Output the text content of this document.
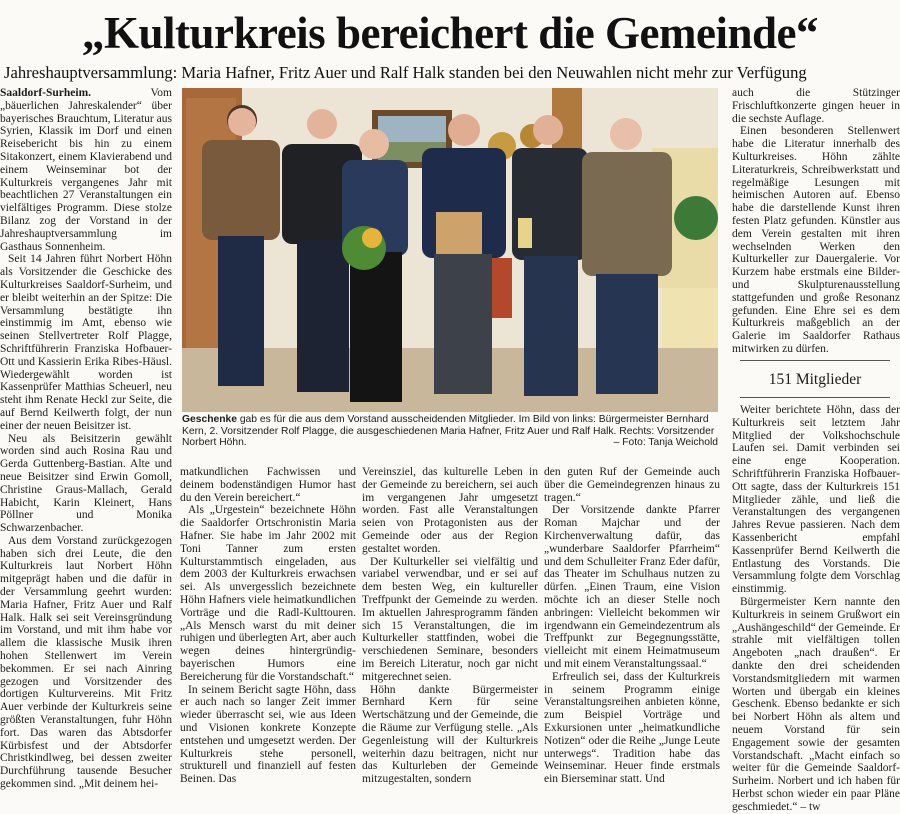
„Kulturkreis bereichert die Gemeinde“
Jahreshauptversammlung: Maria Hafner, Fritz Auer und Ralf Halk standen bei den Neuwahlen nicht mehr zur Verfügung

Saaldorf-Surheim.	Vom „bäuerlichen Jahreskalender“ über bayerisches Brauchtum, Literatur aus Syrien, Klassik im Dorf und einen Reisebericht bis hin zu einem Sitakonzert, einem Klavierabend und einem Weinseminar bot der Kulturkreis vergangenes Jahr mit beachtlichen 27 Veranstaltungen ein vielfältiges Programm. Diese stolze Bilanz zog der Vorstand in der Jahreshauptversammlung im Gasthaus Sonnenheim.

Seit 14 Jahren führt Norbert Höhn als Vorsitzender die Geschicke des Kulturkreises Saaldorf-Surheim, und er bleibt weiterhin an der Spitze: Die Versammlung bestätigte ihn einstimmig im Amt, ebenso wie seinen Stellvertreter Rolf Plagge, Schriftführerin Franziska Hofbauer-Ott und Kassierin Erika Ribes-Häusl. Wiedergewählt worden ist Kassenprüfer Matthias Scheuerl, neu steht ihm Renate Heckl zur Seite, die auf Bernd Keilwerth folgt, der nun einer der neuen Beisitzer ist.

Neu als Beisitzerin gewählt worden sind auch Rosina Rau und Gerda Guttenberg-Bastian. Alte und neue Beisitzer sind Erwin Gomoll, Christine Graus-Mallach, Gerald Habicht, Karin Kleinert, Hans Pöllner und Monika Schwarzenbacher.

Aus dem Vorstand zurückgezogen haben sich drei Leute, die den Kulturkreis laut Norbert Höhn mitgeprägt haben und die dafür in der Versammlung geehrt wurden: Maria Hafner, Fritz Auer und Ralf Halk. Halk sei seit Vereinsgründung im Vorstand, und mit ihm habe vor allem die klassische Musik ihren hohen Stellenwert im Verein bekommen. Er sei nach Ainring gezogen und Vorsitzender des dortigen Kulturvereins. Mit Fritz Auer verbinde der Kulturkreis seine größten Veranstaltungen, fuhr Höhn fort. Das waren das Abtsdorfer Kürbisfest und der Abtsdorfer Christkindlweg, bei dessen zweiter Durchführung tausende Besucher gekommen sind. „Mit deinem hei-

Geschenke gab es für die aus dem Vorstand ausscheidenden Mitglieder. Im Bild von links: Bürgermeister Bernhard Kern, 2. Vorsitzender Rolf Plagge, die ausgeschiedenen Maria Hafner, Fritz Auer und Ralf Halk. Rechts: Vorsitzender Norbert Höhn.	– Foto: Tanja Weichold

matkundlichen Fachwissen und deinem bodenständigen Humor hast du den Verein bereichert.“

Als „Urgestein“ bezeichnete Höhn die Saaldorfer Ortschronistin Maria Hafner. Sie habe im Jahr 2002 mit Toni Tanner zum ersten Kulturstammtisch eingeladen, aus dem 2003 der Kulturkreis erwachsen sei. Als unvergesslich bezeichnete Höhn Hafners viele heimatkundlichen Vorträge und die Radl-Kulttouren. „Als Mensch warst du mit deiner ruhigen und überlegten Art, aber auch wegen deines hintergründig-bayerischen Humors eine Bereicherung für die Vorstandschaft.“

In seinem Bericht sagte Höhn, dass er auch nach so langer Zeit immer wieder überrascht sei, wie aus Ideen und Visionen konkrete Konzepte entstehen und umgesetzt werden. Der Kulturkreis stehe personell, strukturell und finanziell auf festen Beinen. Das

Vereinsziel, das kulturelle Leben in der Gemeinde zu bereichern, sei auch im vergangenen Jahr umgesetzt worden. Fast alle Veranstaltungen seien von Protagonisten aus der Gemeinde oder aus der Region gestaltet worden.

Der Kulturkeller sei vielfältig und variabel verwendbar, und er sei auf dem besten Weg, ein kultureller Treffpunkt der Gemeinde zu werden. Im aktuellen Jahresprogramm fänden sich 15 Veranstaltungen, die im Kulturkeller stattfinden, wobei die verschiedenen Seminare, besonders im Bereich Literatur, noch gar nicht mitgerechnet seien.

Höhn dankte Bürgermeister Bernhard Kern für seine Wertschätzung und der Gemeinde, die die Räume zur Verfügung stelle. „Als Gegenleistung will der Kulturkreis weiterhin dazu beitragen, nicht nur das Kulturleben der Gemeinde mitzugestalten, sondern

den guten Ruf der Gemeinde auch über die Gemeindegrenzen hinaus zu tragen.“

Der Vorsitzende dankte Pfarrer Roman Majchar und der Kirchenverwaltung dafür, das „wunderbare Saaldorfer Pfarrheim“ und dem Schulleiter Franz Eder dafür, das Theater im Schulhaus nutzen zu dürfen. „Einen Traum, eine Vision möchte ich an dieser Stelle noch anbringen: Vielleicht bekommen wir irgendwann ein Gemeindezentrum als Treffpunkt zur Begegnungsstätte, vielleicht mit einem Heimatmuseum und mit einem Veranstaltungssaal.“

Erfreulich sei, dass der Kulturkreis in seinem Programm einige Veranstaltungsreihen anbieten könne, zum Beispiel Vorträge und Exkursionen unter „heimatkundliche Notizen“ oder die Reihe „Junge Leute unterwegs“. Tradition habe das Weinseminar. Heuer finde erstmals ein Bierseminar statt. Und

auch die Stützinger Frischluftkonzerte gingen heuer in die sechste Auflage.

Einen besonderen Stellenwert habe die Literatur innerhalb des Kulturkreises. Höhn zählte Literaturkreis, Schreibwerkstatt und regelmäßige Lesungen mit heimischen Autoren auf. Ebenso habe die darstellende Kunst ihren festen Platz gefunden. Künstler aus dem Verein gestalten mit ihren wechselnden Werken den Kulturkeller zur Dauergalerie. Vor Kurzem habe erstmals eine Bilder- und Skulpturenausstellung stattgefunden und große Resonanz gefunden. Eine Ehre sei es dem Kulturkreis maßgeblich an der Galerie im Saaldorfer Rathaus mitwirken zu dürfen.

151 Mitglieder

Weiter berichtete Höhn, dass der Kulturkreis seit letztem Jahr Mitglied der Volkshochschule Laufen sei. Damit verbinden sei eine enge Kooperation. Schriftführerin Franziska Hofbauer-Ott sagte, dass der Kulturkreis 151 Mitglieder zähle, und ließ die Veranstaltungen des vergangenen Jahres Revue passieren. Nach dem Kassenbericht empfahl Kassenprüfer Bernd Keilwerth die Entlastung des Vorstands. Die Versammlung folgte dem Vorschlag einstimmig.

Bürgermeister Kern nannte den Kulturkreis in seinem Grußwort ein „Aushängeschild“ der Gemeinde. Er strahle mit vielfältigen tollen Angeboten „nach draußen“. Er dankte den drei scheidenden Vorstandsmitgliedern mit warmen Worten und übergab ein kleines Geschenk. Ebenso bedankte er sich bei Norbert Höhn als altem und neuem Vorstand für sein Engagement sowie der gesamten Vorstandschaft. „Macht einfach so weiter für die Gemeinde Saaldorf-Surheim. Norbert und ich haben für Herbst schon wieder ein paar Pläne geschmiedet.“ – tw
